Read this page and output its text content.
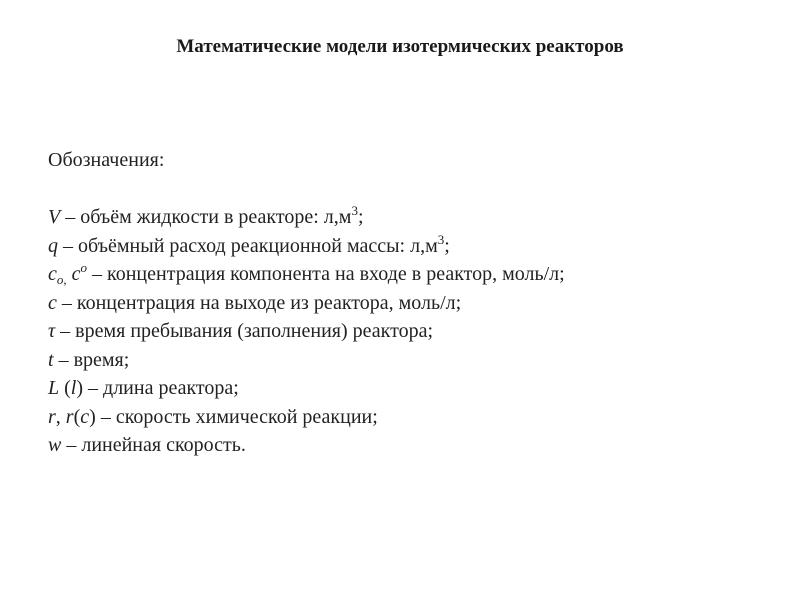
Математические модели изотермических реакторов
Обозначения:
V – объём жидкости в реакторе: $л,м^3$;
q – объёмный расход реакционной массы: $л,м^3$;
$c_{o,}$ $c^o$ – концентрация компонента на входе в реактор, моль/л;
c – концентрация на выходе из реактора, моль/л;
τ – время пребывания (заполнения) реактора;
t – время;
L (l) – длина реактора;
r, r(c) – скорость химической реакции;
w – линейная скорость.
